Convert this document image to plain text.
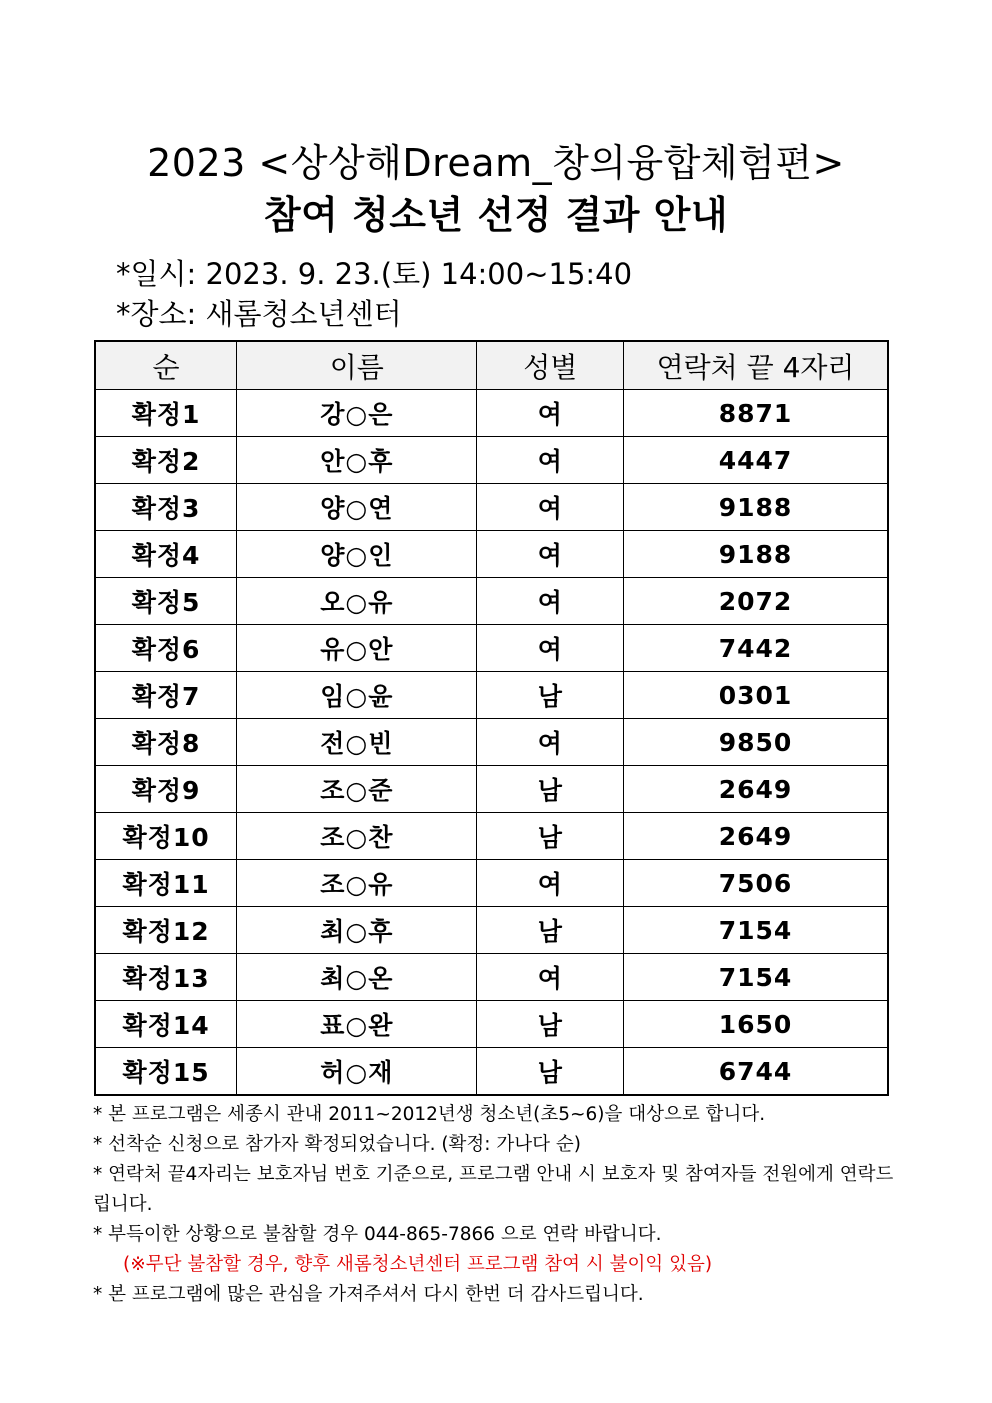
2023 <상상해Dream_창의융합체험편>
참여 청소년 선정 결과 안내
*일시: 2023. 9. 23.(토) 14:00~15:40
*장소: 새롬청소년센터
순	이름	성별	연락처 끝 4자리
확정1	강○은	여	8871
확정2	안○후	여	4447
확정3	양○연	여	9188
확정4	양○인	여	9188
확정5	오○유	여	2072
확정6	유○안	여	7442
확정7	임○윤	남	0301
확정8	전○빈	여	9850
확정9	조○준	남	2649
확정10	조○찬	남	2649
확정11	조○유	여	7506
확정12	최○후	남	7154
확정13	최○온	여	7154
확정14	표○완	남	1650
확정15	허○재	남	6744

* 본 프로그램은 세종시 관내 2011~2012년생 청소년(초5~6)을 대상으로 합니다.

* 선착순 신청으로 참가자 확정되었습니다. (확정: 가나다 순)

* 연락처 끝4자리는 보호자님 번호 기준으로, 프로그램 안내 시 보호자 및 참여자들 전원에게 연락드립니다.

* 부득이한 상황으로 불참할 경우 044-865-7866 으로 연락 바랍니다.

(※무단 불참할 경우, 향후 새롬청소년센터 프로그램 참여 시 불이익 있음)

* 본 프로그램에 많은 관심을 가져주셔서 다시 한번 더 감사드립니다.
